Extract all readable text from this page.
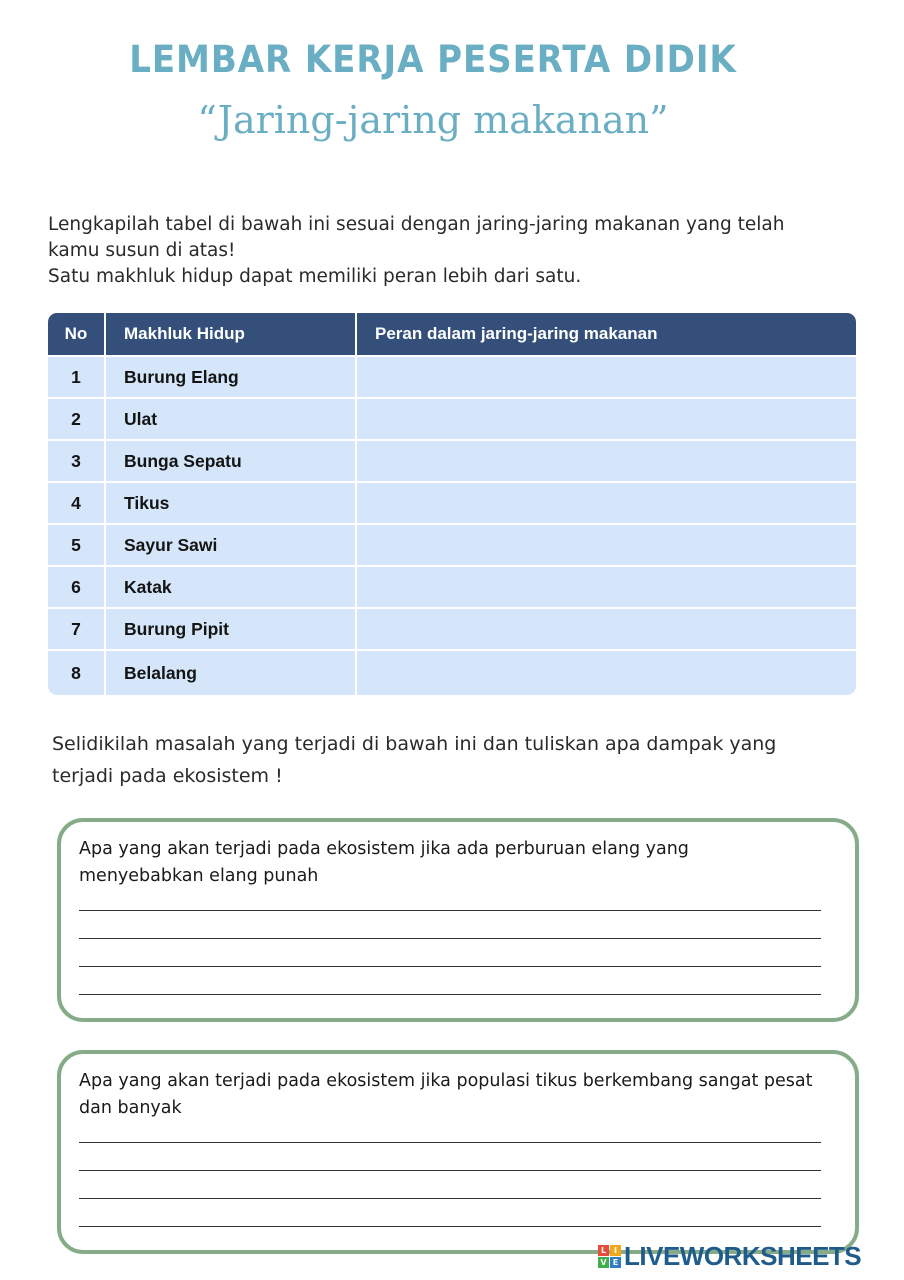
LEMBAR KERJA PESERTA DIDIK
“Jaring-jaring makanan”
Lengkapilah tabel di bawah ini sesuai dengan jaring-jaring makanan yang telah
kamu susun di atas!
Satu makhluk hidup dapat memiliki peran lebih dari satu.
No	Makhluk Hidup	Peran dalam jaring-jaring makanan
1	Burung Elang	
2	Ulat	
3	Bunga Sepatu	
4	Tikus	
5	Sayur Sawi	
6	Katak	
7	Burung Pipit	
8	Belalang	
Selidikilah masalah yang terjadi di bawah ini dan tuliskan apa dampak yang
terjadi pada ekosistem !
Apa yang akan terjadi pada ekosistem jika ada perburuan elang yang
menyebabkan elang punah
Apa yang akan terjadi pada ekosistem jika populasi tikus berkembang sangat pesat
dan banyak
L I
V E LIVEWORKSHEETS
